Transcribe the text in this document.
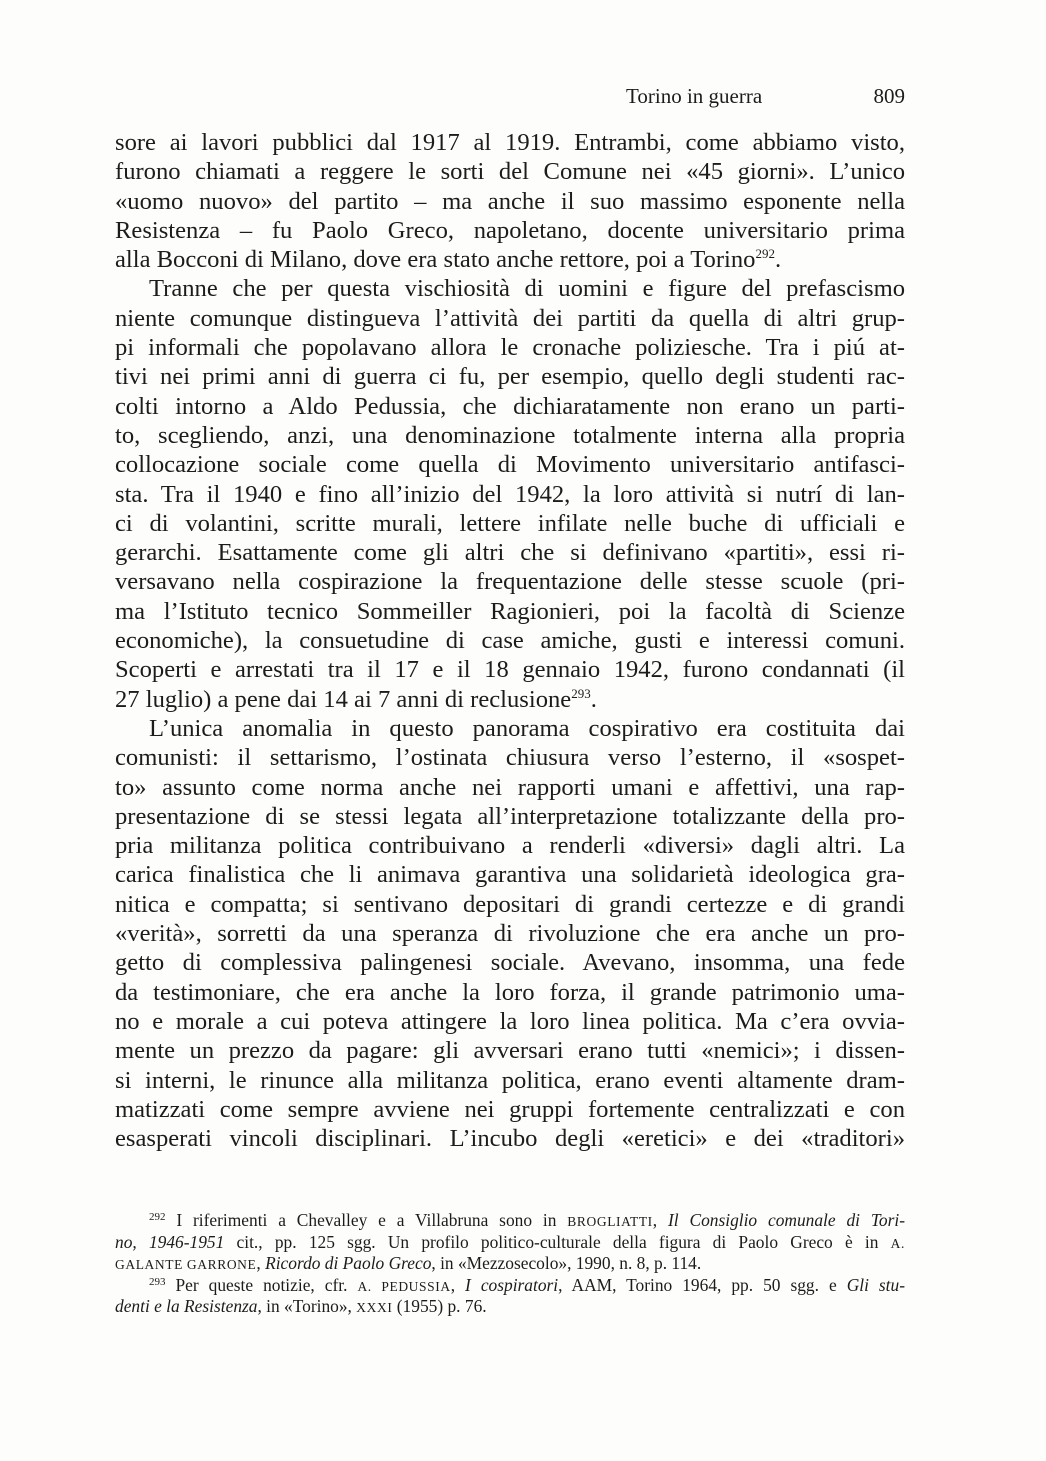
Torino in guerra	809
sore ai lavori pubblici dal 1917 al 1919. Entrambi, come abbiamo visto,
furono chiamati a reggere le sorti del Comune nei «45 giorni». L’unico
«uomo nuovo» del partito – ma anche il suo massimo esponente nella
Resistenza – fu Paolo Greco, napoletano, docente universitario prima
alla Bocconi di Milano, dove era stato anche rettore, poi a Torino$^{292}$.
Tranne che per questa vischiosità di uomini e figure del prefascismo
niente comunque distingueva l’attività dei partiti da quella di altri grup-
pi informali che popolavano allora le cronache poliziesche. Tra i piú at-
tivi nei primi anni di guerra ci fu, per esempio, quello degli studenti rac-
colti intorno a Aldo Pedussia, che dichiaratamente non erano un parti-
to, scegliendo, anzi, una denominazione totalmente interna alla propria
collocazione sociale come quella di Movimento universitario antifasci-
sta. Tra il 1940 e fino all’inizio del 1942, la loro attività si nutrí di lan-
ci di volantini, scritte murali, lettere infilate nelle buche di ufficiali e
gerarchi. Esattamente come gli altri che si definivano «partiti», essi ri-
versavano nella cospirazione la frequentazione delle stesse scuole (pri-
ma l’Istituto tecnico Sommeiller Ragionieri, poi la facoltà di Scienze
economiche), la consuetudine di case amiche, gusti e interessi comuni.
Scoperti e arrestati tra il 17 e il 18 gennaio 1942, furono condannati (il
27 luglio) a pene dai 14 ai 7 anni di reclusione$^{293}$.
L’unica anomalia in questo panorama cospirativo era costituita dai
comunisti: il settarismo, l’ostinata chiusura verso l’esterno, il «sospet-
to» assunto come norma anche nei rapporti umani e affettivi, una rap-
presentazione di se stessi legata all’interpretazione totalizzante della pro-
pria militanza politica contribuivano a renderli «diversi» dagli altri. La
carica finalistica che li animava garantiva una solidarietà ideologica gra-
nitica e compatta; si sentivano depositari di grandi certezze e di grandi
«verità», sorretti da una speranza di rivoluzione che era anche un pro-
getto di complessiva palingenesi sociale. Avevano, insomma, una fede
da testimoniare, che era anche la loro forza, il grande patrimonio uma-
no e morale a cui poteva attingere la loro linea politica. Ma c’era ovvia-
mente un prezzo da pagare: gli avversari erano tutti «nemici»; i dissen-
si interni, le rinunce alla militanza politica, erano eventi altamente dram-
matizzati come sempre avviene nei gruppi fortemente centralizzati e con
esasperati vincoli disciplinari. L’incubo degli «eretici» e dei «traditori»
$^{292}$ I riferimenti a Chevalley e a Villabruna sono in BROGLIATTI, Il Consiglio comunale di Tori-
no, 1946-1951 cit., pp. 125 sgg. Un profilo politico-culturale della figura di Paolo Greco è in A.
GALANTE GARRONE, Ricordo di Paolo Greco, in «Mezzosecolo», 1990, n. 8, p. 114.
$^{293}$ Per queste notizie, cfr. A. PEDUSSIA, I cospiratori, AAM, Torino 1964, pp. 50 sgg. e Gli stu-
denti e la Resistenza, in «Torino», XXXI (1955) p. 76.
